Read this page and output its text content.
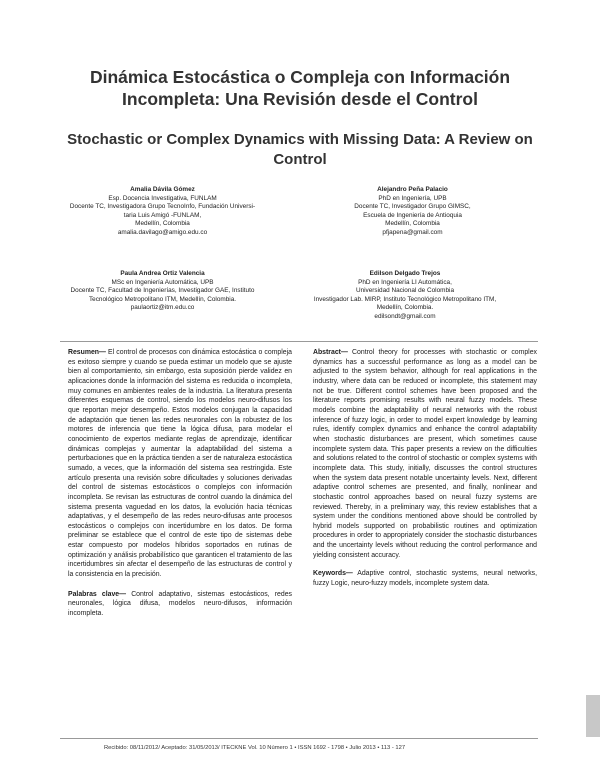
Dinámica Estocástica o Compleja con Información Incompleta: Una Revisión desde el Control
Stochastic or Complex Dynamics with Missing Data: A Review on Control
Amalia Dávila Gómez
Esp. Docencia Investigativa, FUNLAM
Docente TC, Investigadora Grupo TecnoInfo, Fundación Universi-
taria Luis Amigó -FUNLAM,
Medellín, Colombia
amalia.davilago@amigo.edu.co
Paula Andrea Ortiz Valencia
MSc en Ingeniería Automática, UPB
Docente TC, Facultad de Ingenierías, Investigador GAE, Instituto
Tecnológico Metropolitano ITM, Medellín, Colombia.
paulaortiz@itm.edu.co
Alejandro Peña Palacio
PhD en Ingeniería, UPB
Docente TC, Investigador Grupo GIMSC,
Escuela de Ingeniería de Antioquia
Medellín, Colombia
pfjapena@gmail.com
Edilson Delgado Trejos
PhD en Ingeniería LI Automática,
Universidad Nacional de Colombia
Investigador Lab. MIRP, Instituto Tecnológico Metropolitano ITM,
Medellín, Colombia.
edilsondt@gmail.com

Resumen— El control de procesos con dinámica estocástica o compleja es exitoso siempre y cuando se pueda estimar un modelo que se ajuste bien al comportamiento, sin embargo, esta suposición pierde validez en aplicaciones donde la información del sistema es reducida o incompleta, muy comunes en ambientes reales de la industria. La literatura presenta diferentes esquemas de control, siendo los modelos neuro-difusos los que reportan mejor desempeño. Estos modelos conjugan la capacidad de adaptación que tienen las redes neuronales con la robustez de los motores de inferencia que tiene la lógica difusa, para modelar el conocimiento de expertos mediante reglas de aprendizaje, identificar dinámicas complejas y aumentar la adaptabilidad del sistema a perturbaciones que en la práctica tienden a ser de naturaleza estocástica sumado, a veces, que la información del sistema sea restringida. Este artículo presenta una revisión sobre dificultades y soluciones derivadas del control de sistemas estocásticos o complejos con información incompleta. Se revisan las estructuras de control cuando la dinámica del sistema presenta vaguedad en los datos, la evolución hacia técnicas adaptativas, y el desempeño de las redes neuro-difusas ante procesos estocásticos o complejos con incertidumbre en los datos. De forma preliminar se establece que el control de este tipo de sistemas debe estar compuesto por modelos híbridos soportados en rutinas de optimización y análisis probabilístico que garanticen el tratamiento de las incertidumbres sin afectar el desempeño de las estructuras de control y la consistencia en la precisión.

Palabras clave— Control adaptativo, sistemas estocásticos, redes neuronales, lógica difusa, modelos neuro-difusos, información incompleta.

Abstract— Control theory for processes with stochastic or complex dynamics has a successful performance as long as a model can be adjusted to the system behavior, although for real applications in the industry, where data can be reduced or incomplete, this statement may not be true. Different control schemes have been proposed and the literature reports promising results with neural fuzzy models. These models combine the adaptability of neural networks with the robust inference of fuzzy logic, in order to model expert knowledge by learning rules, identify complex dynamics and enhance the control adaptability when stochastic disturbances are present, which sometimes cause incomplete system data. This paper presents a review on the difficulties and solutions related to the control of stochastic or complex systems with incomplete data. This study, initially, discusses the control structures when the system data present notable uncertainty levels. Next, different adaptive control schemes are presented, and finally, nonlinear and stochastic control approaches based on neural fuzzy systems are reviewed. Thereby, in a preliminary way, this review establishes that a system under the conditions mentioned above should be controlled by hybrid models supported on probabilistic routines and optimization procedures in order to appropriately consider the stochastic disturbances and the uncertainty levels without reducing the control performance and yielding consistent accuracy.

Keywords— Adaptive control, stochastic systems, neural networks, fuzzy Logic, neuro-fuzzy models, incomplete system data.

Recibido: 08/11/2012/ Aceptado: 31/05/2013/ ITECKNE Vol. 10 Número 1 • ISSN 1692 - 1798 • Julio 2013 • 113 - 127
